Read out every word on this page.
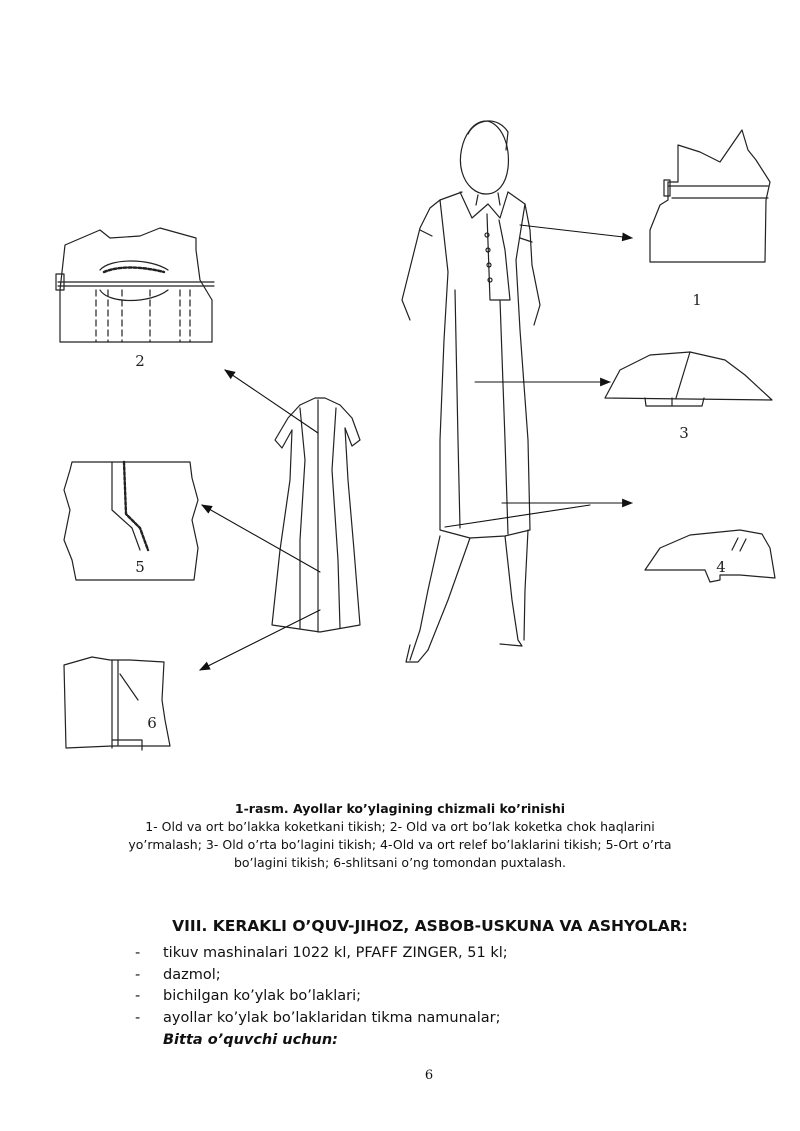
1
2
3
4
5
6
1-rasm. Ayollar ko’ylagining chizmali ko’rinishi
1- Old va ort bo’lakka koketkani tikish; 2- Old va ort bo’lak koketka chok haqlarini yo’rmalash; 3- Old o’rta bo’lagini tikish; 4-Old va ort relef bo’laklarini tikish; 5-Ort o’rta bo’lagini tikish; 6-shlitsani o’ng tomondan puxtalash.
VIII. KERAKLI O’QUV-JIHOZ, ASBOB-USKUNA VA ASHYOLAR:
- tikuv mashinalari 1022 kl, PFAFF ZINGER, 51 kl;
- dazmol;
- bichilgan ko’ylak bo’laklari;
- ayollar ko’ylak bo’laklaridan tikma namunalar;
Bitta o’quvchi uchun:
6
